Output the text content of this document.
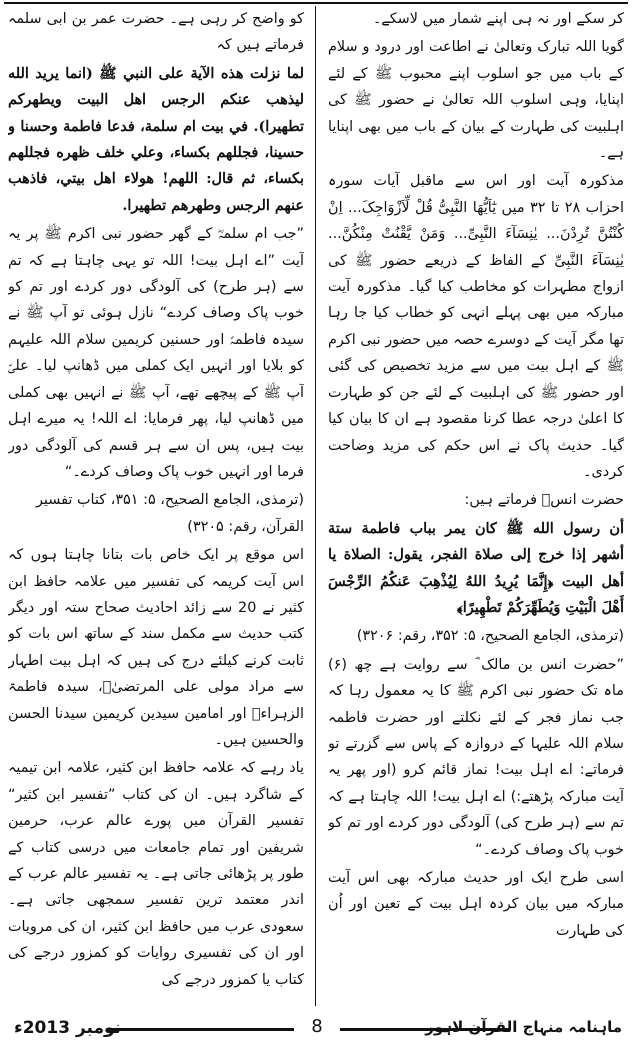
کر سکے اور نہ ہی اپنے شمار میں لاسکے۔

گویا اللہ تبارک وتعالیٰ نے اطاعت اور درود و سلام کے باب میں جو اسلوب اپنے محبوب ﷺ کے لئے اپنایا، وہی اسلوب اللہ تعالیٰ نے حضور ﷺ کی اہلبیت کی طہارت کے بیان کے باب میں بھی اپنایا ہے۔

مذکورہ آیت اور اس سے ماقبل آیات سورہ احزاب ۲۸ تا ۳۲ میں یٰٓاَیُّهَا النَّبِیُّ قُلْ لِّاَزْوَاجِکَ... اِنْ کُنْتُنَّ تُرِدْنَ... یٰنِسَآءَ النَّبِیِّ... وَمَنْ یَّقْنُتْ مِنْکُنَّ... یٰنِسَآءَ النَّبِیِّ کے الفاظ کے ذریعے حضور ﷺ کی ازواج مطہرات کو مخاطب کیا گیا۔ مذکورہ آیت مبارکہ میں بھی پہلے انہی کو خطاب کیا جا رہا تھا مگر آیت کے دوسرے حصہ میں حضور نبی اکرم ﷺ کے اہل بیت میں سے مزید تخصیص کی گئی اور حضور ﷺ کی اہلبیت کے لئے جن کو طہارت کا اعلیٰ درجہ عطا کرنا مقصود ہے ان کا بیان کیا گیا۔ حدیث پاک نے اس حکم کی مزید وضاحت کردی۔

حضرت انسؓ فرماتے ہیں:

أن رسول الله ﷺ كان يمر بباب فاطمة ستة أشهر إذا خرج إلى صلاة الفجر، يقول: الصلاة يا أهل البيت ﴿إِنَّمَا يُرِيدُ اللهُ لِيُذْهِبَ عَنكُمُ الرِّجْسَ أَهْلَ الْبَيْتِ وَيُطَهِّرَكُمْ تَطْهِيرًا﴾

(ترمذی، الجامع الصحیح، ۵: ۳۵۲، رقم: ۳۲۰۶)

”حضرت انس بن مالک ؓ سے روایت ہے چھ (۶) ماہ تک حضور نبی اکرم ﷺ کا یہ معمول رہا کہ جب نماز فجر کے لئے نکلتے اور حضرت فاطمہ سلام اللہ علیہا کے دروازہ کے پاس سے گزرتے تو فرماتے: اے اہل بیت! نماز قائم کرو (اور پھر یہ آیت مبارکہ پڑھتے:) اے اہل بیت! اللہ چاہتا ہے کہ تم سے (ہر طرح کی) آلودگی دور کردے اور تم کو خوب پاک وصاف کردے۔“

اسی طرح ایک اور حدیث مبارکہ بھی اس آیت مبارکہ میں بیان کردہ اہل بیت کے تعین اور اُن کی طہارت

کو واضح کر رہی ہے۔ حضرت عمر بن ابی سلمہ فرماتے ہیں کہ

لما نزلت هذه الآية على النبي ﷺ (انما يريد الله ليذهب عنكم الرجس اهل البيت ويطهركم تطهيرا). في بيت ام سلمة، فدعا فاطمة وحسنا و حسينا، فجللهم بكساء، وعلي خلف ظهره فجللهم بكساء، ثم قال: اللهم! هولاء اهل بيتي، فاذهب عنهم الرجس وطهرهم تطهيرا.

”جب ام سلمہؓ کے گھر حضور نبی اکرم ﷺ پر یہ آیت ”اے اہل بیت! اللہ تو یہی چاہتا ہے کہ تم سے (ہر طرح) کی آلودگی دور کردے اور تم کو خوب پاک وصاف کردے“ نازل ہوئی تو آپ ﷺ نے سیدہ فاطمہؑ اور حسنین کریمین سلام اللہ علیہم کو بلایا اور انہیں ایک کملی میں ڈھانپ لیا۔ علیؑ آپ ﷺ کے پیچھے تھے، آپ ﷺ نے انہیں بھی کملی میں ڈھانپ لیا، پھر فرمایا: اے اللہ! یہ میرے اہل بیت ہیں، پس ان سے ہر قسم کی آلودگی دور فرما اور انہیں خوب پاک وصاف کردے۔“

(ترمذی، الجامع الصحیح، ۵: ۳۵۱، کتاب تفسیر القرآن، رقم: ۳۲۰۵)

اس موقع پر ایک خاص بات بتانا چاہتا ہوں کہ اس آیت کریمہ کی تفسیر میں علامہ حافظ ابن کثیر نے 20 سے زائد احادیث صحاح ستہ اور دیگر کتب حدیث سے مکمل سند کے ساتھ اس بات کو ثابت کرنے کیلئے درج کی ہیں کہ اہل بیت اطہار سے مراد مولی علی المرتضیٰؑ، سیدہ فاطمۃ الزہراءؑ اور امامین سیدین کریمین سیدنا الحسن والحسین ہیں۔

یاد رہے کہ علامہ حافظ ابن کثیر، علامہ ابن تیمیہ کے شاگرد ہیں۔ ان کی کتاب ”تفسیر ابن کثیر“ تفسیر القرآن میں پورے عالم عرب، حرمین شریفین اور تمام جامعات میں درسی کتاب کے طور پر پڑھائی جاتی ہے۔ یہ تفسیر عالم عرب کے اندر معتمد ترین تفسیر سمجھی جاتی ہے۔ سعودی عرب میں حافظ ابن کثیر، ان کی مرویات اور ان کی تفسیری روایات کو کمزور درجے کی کتاب یا کمزور درجے کی

نومبر 2013ء	8	ماہنامہ منہاج القرآن لاہور
